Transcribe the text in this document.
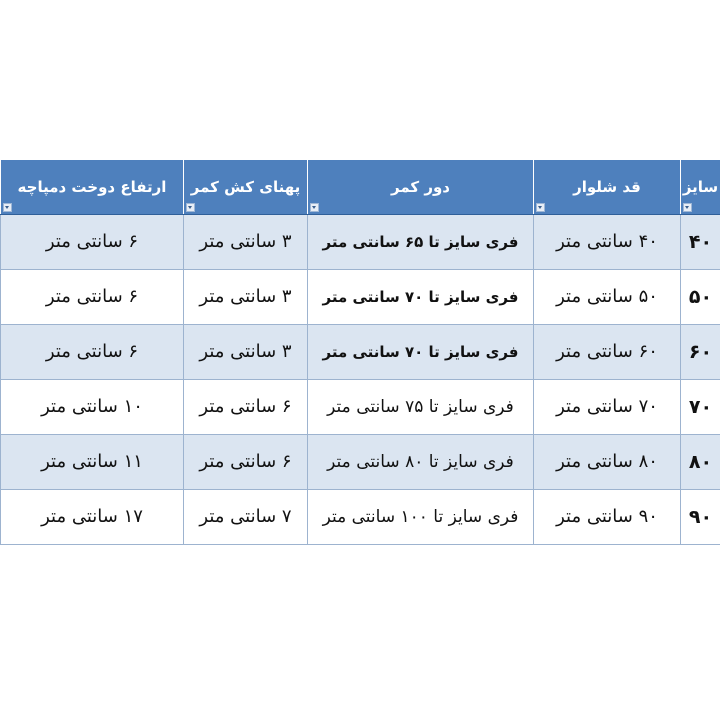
سایز	قد شلوار	دور کمر	پهنای کش کمر	ارتفاع دوخت دمپاچه

۴۰	۴۰ سانتی متر	فری سایز تا ۶۵ سانتی متر	۳ سانتی متر	۶ سانتی متر
۵۰	۵۰ سانتی متر	فری سایز تا ۷۰ سانتی متر	۳ سانتی متر	۶ سانتی متر
۶۰	۶۰ سانتی متر	فری سایز تا ۷۰ سانتی متر	۳ سانتی متر	۶ سانتی متر
۷۰	۷۰ سانتی متر	فری سایز تا ۷۵ سانتی متر	۶ سانتی متر	۱۰ سانتی متر
۸۰	۸۰ سانتی متر	فری سایز تا ۸۰ سانتی متر	۶ سانتی متر	۱۱ سانتی متر
۹۰	۹۰ سانتی متر	فری سایز تا ۱۰۰ سانتی متر	۷ سانتی متر	۱۷ سانتی متر
